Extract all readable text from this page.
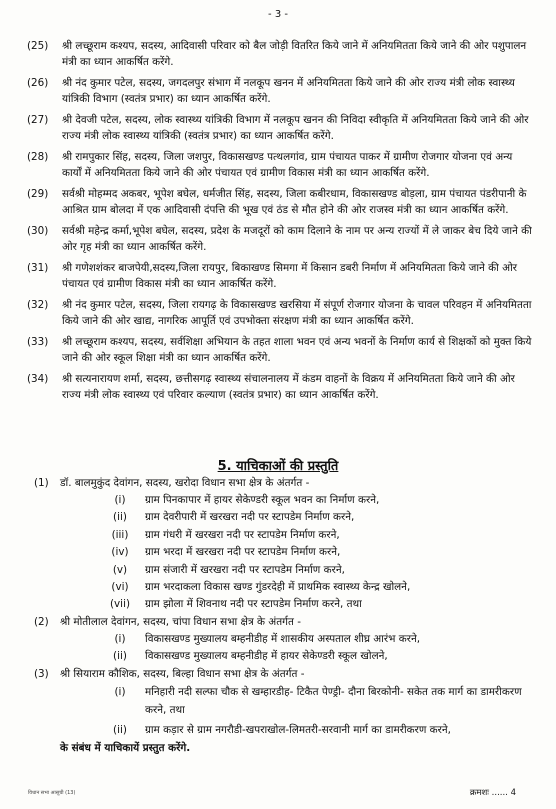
- 3 -
(25) श्री लच्छूराम कश्यप, सदस्य, आदिवासी परिवार को बैल जोड़ी वितरित किये जाने में अनियमितता किये जाने की ओर पशुपालन मंत्री का ध्यान आकर्षित करेंगे.
(26) श्री नंद कुमार पटेल, सदस्य, जगदलपुर संभाग में नलकूप खनन में अनियमितता किये जाने की ओर राज्य मंत्री लोक स्वास्थ्य यांत्रिकी विभाग (स्वतंत्र प्रभार) का ध्यान आकर्षित करेंगे.
(27) श्री देवजी पटेल, सदस्य, लोक स्वास्थ्य यांत्रिकी विभाग में नलकूप खनन की निविदा स्वीकृति में अनियमितता किये जाने की ओर राज्य मंत्री लोक स्वास्थ्य यांत्रिकी (स्वतंत्र प्रभार) का ध्यान आकर्षित करेंगे.
(28) श्री रामपुकार सिंह, सदस्य, जिला जशपुर, विकासखण्ड पत्थलगांव, ग्राम पंचायत पाकर में ग्रामीण रोजगार योजना एवं अन्य कार्यों में अनियमितता किये जाने की ओर पंचायत एवं ग्रामीण विकास मंत्री का ध्यान आकर्षित करेंगे.
(29) सर्वश्री मोहम्मद अकबर, भूपेश बघेल, धर्मजीत सिंह, सदस्य, जिला कबीरधाम, विकासखण्ड बोड़ला, ग्राम पंचायत पंडरीपानी के आश्रित ग्राम बोलदा में एक आदिवासी दंपत्ति की भूख एवं ठंड से मौत होने की ओर राजस्व मंत्री का ध्यान आकर्षित करेंगे.
(30) सर्वश्री महेन्द्र कर्मा,भूपेश बघेल, सदस्य, प्रदेश के मजदूरों को काम दिलाने के नाम पर अन्य राज्यों में ले जाकर बेच दिये जाने की ओर गृह मंत्री का ध्यान आकर्षित करेंगे.
(31) श्री गणेशशंकर बाजपेयी,सदस्य,जिला रायपुर, बिकाखण्ड सिमगा में किसान डबरी निर्माण में अनियमितता किये जाने की ओर पंचायत एवं ग्रामीण विकास मंत्री का ध्यान आकर्षित करेंगे.
(32) श्री नंद कुमार पटेल, सदस्य, जिला रायगढ़ के विकासखण्ड खरसिया में संपूर्ण रोजगार योजना के चावल परिवहन में अनियमितता किये जाने की ओर खाद्य, नागरिक आपूर्ति एवं उपभोक्ता संरक्षण मंत्री का ध्यान आकर्षित करेंगे.
(33) श्री लच्छूराम कश्यप, सदस्य, सर्वशिक्षा अभियान के तहत शाला भवन एवं अन्य भवनों के निर्माण कार्य से शिक्षकों को मुक्त किये जाने की ओर स्कूल शिक्षा मंत्री का ध्यान आकर्षित करेंगे.
(34) श्री सत्यनारायण शर्मा, सदस्य, छत्तीसगढ़ स्वास्थ्य संचालनालय में कंडम वाहनों के विक्रय में अनियमितता किये जाने की ओर राज्य मंत्री लोक स्वास्थ्य एवं परिवार कल्याण (स्वतंत्र प्रभार) का ध्यान आकर्षित करेंगे.
5. याचिकाओं की प्रस्तुति
(1)	डॉ. बालमुकुंद देवांगन, सदस्य, खरोदा विधान सभा क्षेत्र के अंतर्गत -
(i)	ग्राम पिनकापार में हायर सेकेण्डरी स्कूल भवन का निर्माण करने,
(ii)	ग्राम देवरीपारी में खरखरा नदी पर स्टापडेम निर्माण करने,
(iii)	ग्राम गंधरी में खरखरा नदी पर स्टापडेम निर्माण करने,
(iv)	ग्राम भरदा में खरखरा नदी पर स्टापडेम निर्माण करने,
(v)	ग्राम संजारी में खरखरा नदी पर स्टापडेम निर्माण करने,
(vi)	ग्राम भरदाकला विकास खण्ड गुंडरदेही में प्राथमिक स्वास्थ्य केन्द्र खोलने,
(vii)	ग्राम झोला में शिवनाथ नदी पर स्टापडेम निर्माण करने, तथा
(2)	श्री मोतीलाल देवांगन, सदस्य, चांपा विधान सभा क्षेत्र के अंतर्गत -
(i)	विकासखण्ड मुख्यालय बम्हनीडीह में शासकीय अस्पताल शीघ्र आरंभ करने,
(ii)	विकासखण्ड मुख्यालय बम्हनीडीह में हायर सेकेण्डरी स्कूल खोलने,
(3)	श्री सियाराम कौशिक, सदस्य, बिल्हा विधान सभा क्षेत्र के अंतर्गत -
(i)	मनिहारी नदी सल्फा चौक से खम्हारडीह- टिकैत पेण्ड्री- दौना बिरकोनी- सकेत तक मार्ग का डामरीकरण करने, तथा
(ii)	ग्राम कड़ार से ग्राम नगरौडी-खपराखोल-लिमतरी-सरवानी मार्ग का डामरीकरण करने,
के संबंध में याचिकायें प्रस्तुत करेंगे.
विधान सभा आसूची (13)	क्रमशः ...... 4
